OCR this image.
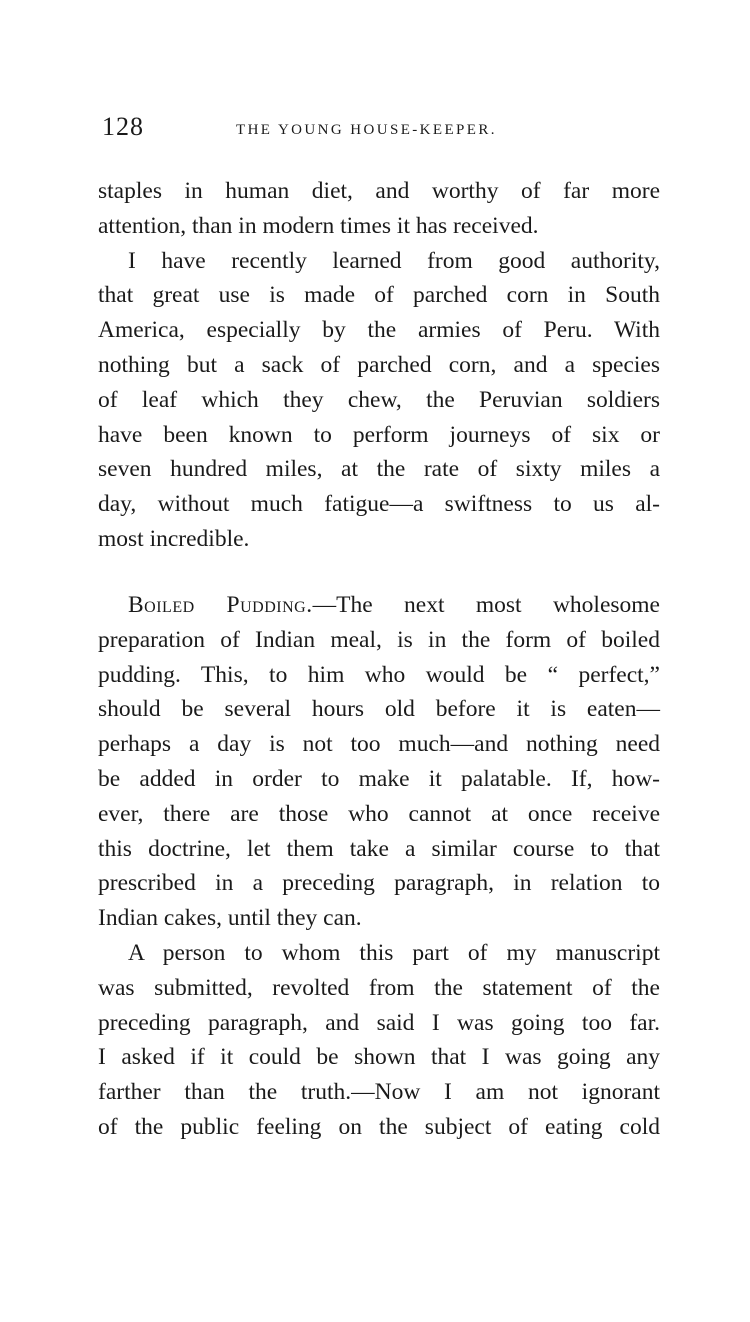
128	THE YOUNG HOUSE-KEEPER.
staples in human diet, and worthy of far more
attention, than in modern times it has received.
I have recently learned from good authority,
that great use is made of parched corn in South
America, especially by the armies of Peru. With
nothing but a sack of parched corn, and a species
of leaf which they chew, the Peruvian soldiers
have been known to perform journeys of six or
seven hundred miles, at the rate of sixty miles a
day, without much fatigue—a swiftness to us al-
most incredible.
Boiled Pudding.—The next most wholesome
preparation of Indian meal, is in the form of boiled
pudding. This, to him who would be “ perfect,”
should be several hours old before it is eaten—
perhaps a day is not too much—and nothing need
be added in order to make it palatable. If, how-
ever, there are those who cannot at once receive
this doctrine, let them take a similar course to that
prescribed in a preceding paragraph, in relation to
Indian cakes, until they can.
A person to whom this part of my manuscript
was submitted, revolted from the statement of the
preceding paragraph, and said I was going too far.
I asked if it could be shown that I was going any
farther than the truth.—Now I am not ignorant
of the public feeling on the subject of eating cold
